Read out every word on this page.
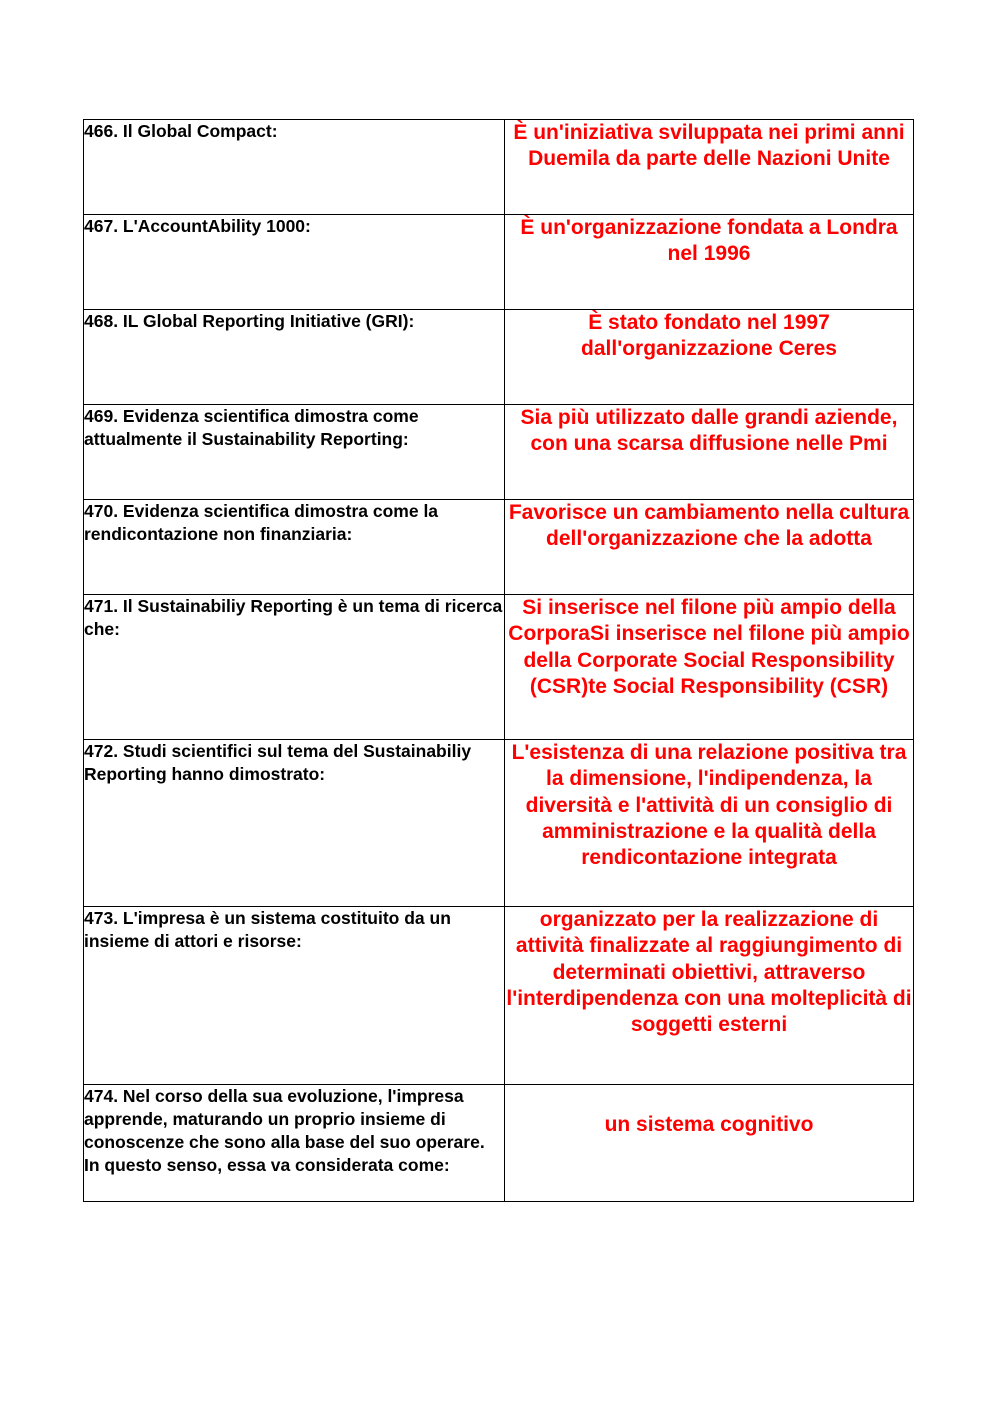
466. Il Global Compact:	È un'iniziativa sviluppata nei primi anni Duemila da parte delle Nazioni Unite
467. L'AccountAbility 1000:	È un'organizzazione fondata a Londra nel 1996
468. IL Global Reporting Initiative (GRI):	È stato fondato nel 1997 dall'organizzazione Ceres
469. Evidenza scientifica dimostra come attualmente il Sustainability Reporting:	Sia più utilizzato dalle grandi aziende, con una scarsa diffusione nelle Pmi
470. Evidenza scientifica dimostra come la rendicontazione non finanziaria:	Favorisce un cambiamento nella cultura dell'organizzazione che la adotta
471. Il Sustainabiliy Reporting è un tema di ricerca che:	Si inserisce nel filone più ampio della CorporaSi inserisce nel filone più ampio della Corporate Social Responsibility (CSR)te Social Responsibility (CSR)
472. Studi scientifici sul tema del Sustainabiliy Reporting hanno dimostrato:	L'esistenza di una relazione positiva tra la dimensione, l'indipendenza, la diversità e l'attività di un consiglio di amministrazione e la qualità della rendicontazione integrata
473. L'impresa è un sistema costituito da un insieme di attori e risorse:	organizzato per la realizzazione di attività finalizzate al raggiungimento di determinati obiettivi, attraverso l'interdipendenza con una molteplicità di soggetti esterni
474. Nel corso della sua evoluzione, l'impresa apprende, maturando un proprio insieme di conoscenze che sono alla base del suo operare. In questo senso, essa va considerata come:	un sistema cognitivo
